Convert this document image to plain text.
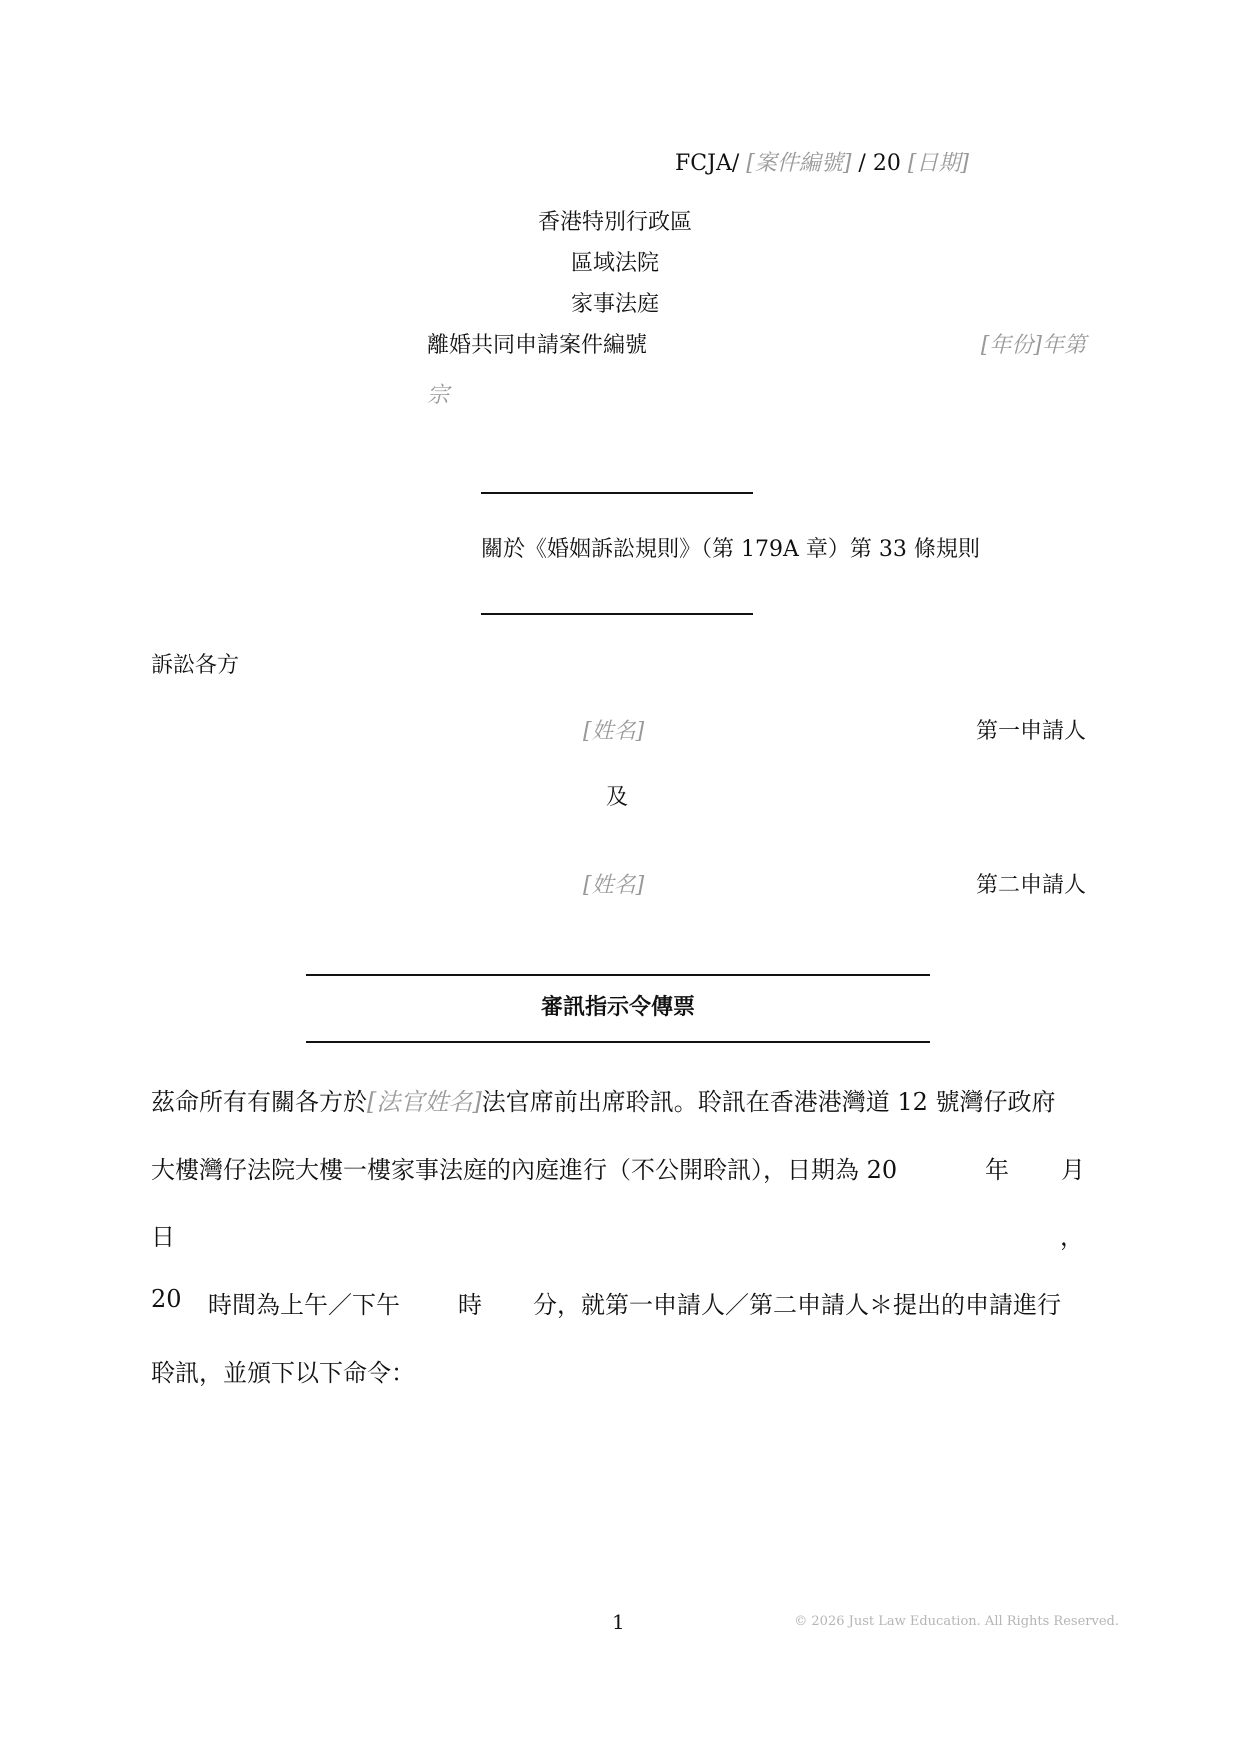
FCJA/ [案件編號] / 20 [日期]
香港特別行政區
區域法院
家事法庭
離婚共同申請案件編號	[年份]年第
宗
關於《婚姻訴訟規則》（第 179A 章）第 33 條規則
訴訟各方
[姓名]	第一申請人
及
[姓名]	第二申請人
審訊指示令傳票
茲命所有有關各方於[法官姓名]法官席前出席聆訊。聆訊在香港港灣道 12 號灣仔政府
大樓灣仔法院大樓一樓家事法庭的內庭進行（不公開聆訊），日期為 20	年 月
日	，
20 時間為上午／下午 時 分，就第一申請人／第二申請人＊提出的申請進行
聆訊，並頒下以下命令：
1	© 2026 Just Law Education. All Rights Reserved.
